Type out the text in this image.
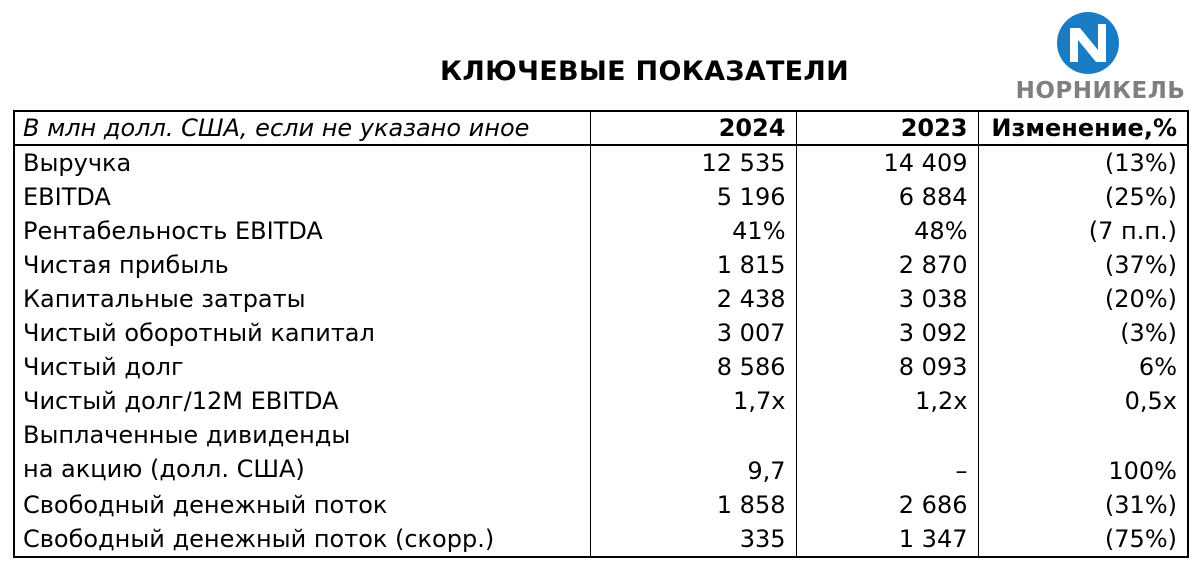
КЛЮЧЕВЫЕ ПОКАЗАТЕЛИ
НОРНИКЕЛЬ
В млн долл. США, если не указано иное	2024	2023	Изменение,%
Выручка	12 535	14 409	(13%)
EBITDA	5 196	6 884	(25%)
Рентабельность EBITDA	41%	48%	(7 п.п.)
Чистая прибыль	1 815	2 870	(37%)
Капитальные затраты	2 438	3 038	(20%)
Чистый оборотный капитал	3 007	3 092	(3%)
Чистый долг	8 586	8 093	6%
Чистый долг/12M EBITDA	1,7x	1,2x	0,5x

Выплаченные дивиденды
на акцию (долл. США)	9,7	–	100%
Свободный денежный поток	1 858	2 686	(31%)
Свободный денежный поток (скорр.)	335	1 347	(75%)
